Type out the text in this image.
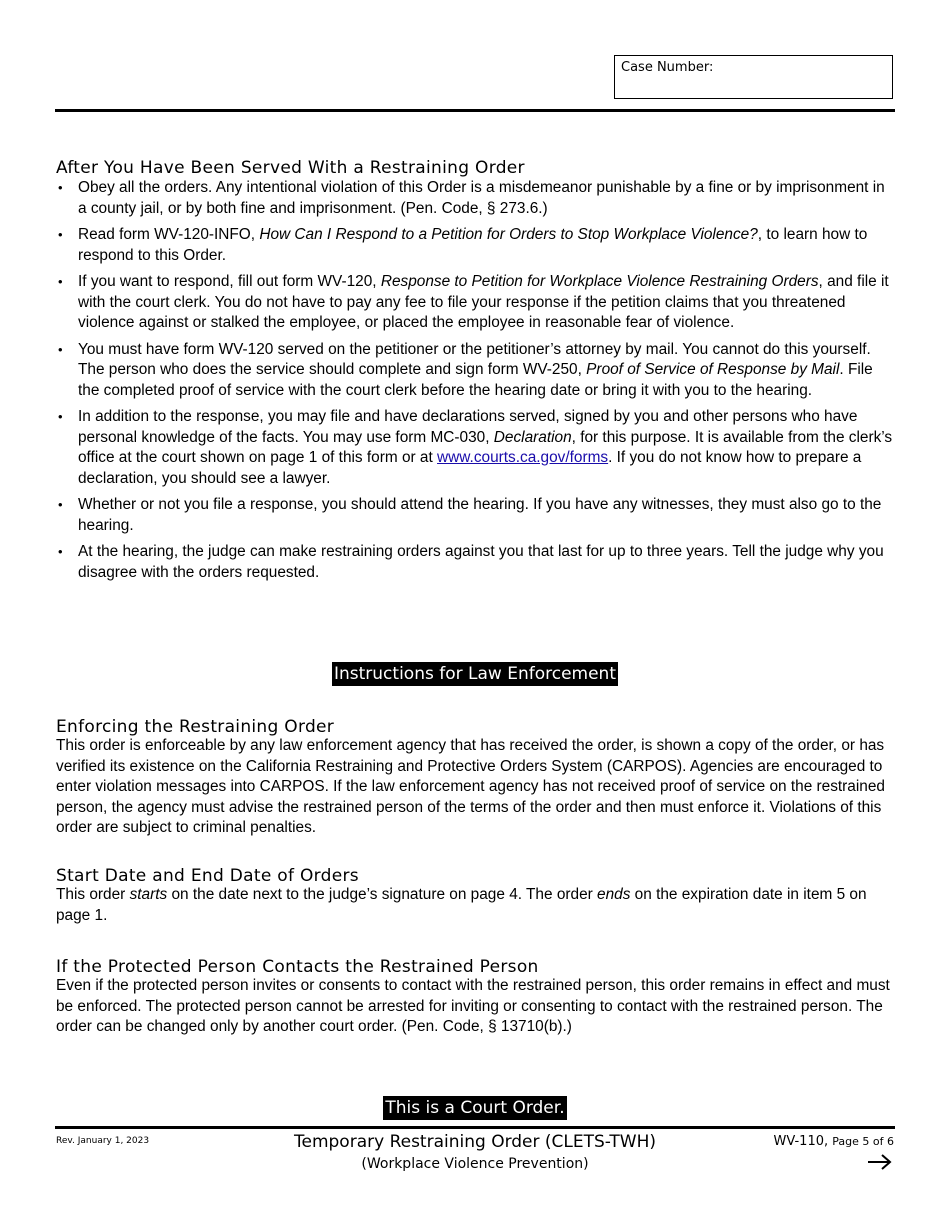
Case Number:
After You Have Been Served With a Restraining Order
• Obey all the orders. Any intentional violation of this Order is a misdemeanor punishable by a fine or by imprisonment in a county jail, or by both fine and imprisonment. (Pen. Code, § 273.6.)
• Read form WV-120-INFO, How Can I Respond to a Petition for Orders to Stop Workplace Violence?, to learn how to respond to this Order.
• If you want to respond, fill out form WV-120, Response to Petition for Workplace Violence Restraining Orders, and file it with the court clerk. You do not have to pay any fee to file your response if the petition claims that you threatened violence against or stalked the employee, or placed the employee in reasonable fear of violence.
• You must have form WV-120 served on the petitioner or the petitioner’s attorney by mail. You cannot do this yourself. The person who does the service should complete and sign form WV-250, Proof of Service of Response by Mail. File the completed proof of service with the court clerk before the hearing date or bring it with you to the hearing.
• In addition to the response, you may file and have declarations served, signed by you and other persons who have personal knowledge of the facts. You may use form MC-030, Declaration, for this purpose. It is available from the clerk’s office at the court shown on page 1 of this form or at www.courts.ca.gov/forms. If you do not know how to prepare a declaration, you should see a lawyer.
• Whether or not you file a response, you should attend the hearing. If you have any witnesses, they must also go to the hearing.
• At the hearing, the judge can make restraining orders against you that last for up to three years. Tell the judge why you disagree with the orders requested.
Instructions for Law Enforcement
Enforcing the Restraining Order
This order is enforceable by any law enforcement agency that has received the order, is shown a copy of the order, or has verified its existence on the California Restraining and Protective Orders System (CARPOS). Agencies are encouraged to enter violation messages into CARPOS. If the law enforcement agency has not received proof of service on the restrained person, the agency must advise the restrained person of the terms of the order and then must enforce it. Violations of this order are subject to criminal penalties.
Start Date and End Date of Orders
This order starts on the date next to the judge’s signature on page 4. The order ends on the expiration date in item 5 on page 1.
If the Protected Person Contacts the Restrained Person
Even if the protected person invites or consents to contact with the restrained person, this order remains in effect and must be enforced. The protected person cannot be arrested for inviting or consenting to contact with the restrained person. The order can be changed only by another court order. (Pen. Code, § 13710(b).)
This is a Court Order.
Rev. January 1, 2023	Temporary Restraining Order (CLETS-TWH)
(Workplace Violence Prevention)
WV-110, Page 5 of 6
